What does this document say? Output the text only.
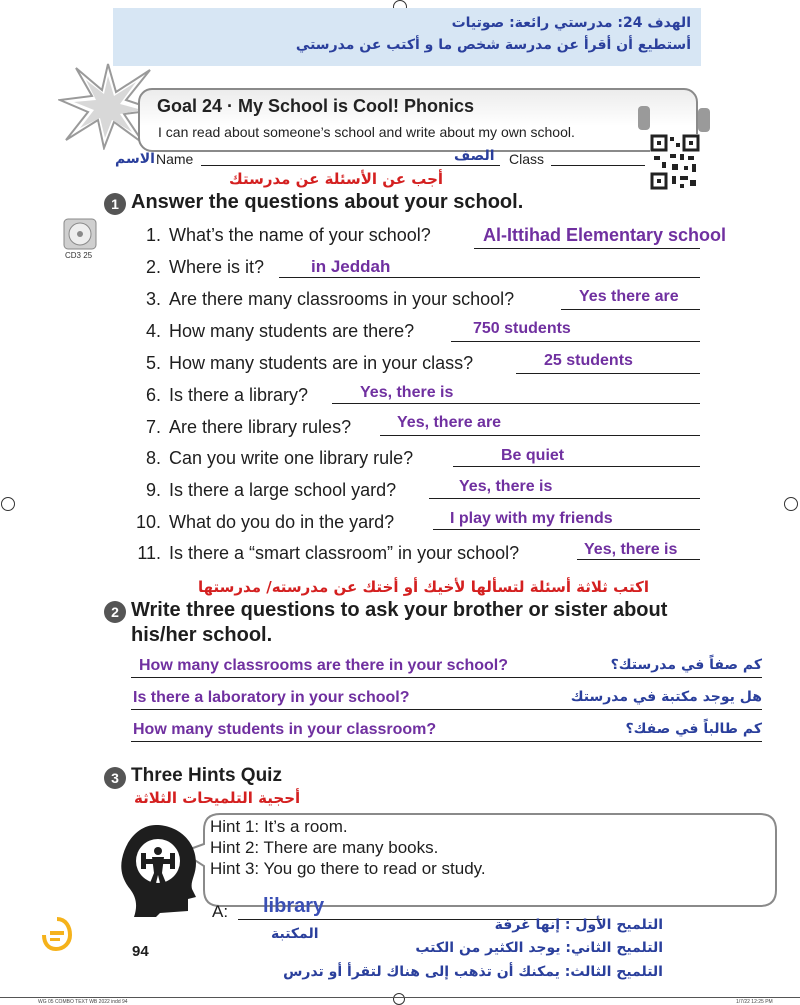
الهدف 24: مدرستي رائعة: صوتيات
أستطيع أن أقرأ عن مدرسة شخص ما و أكتب عن مدرستي
Goal 24 · My School is Cool! Phonics
I can read about someone’s school and write about my own school.
الاسم Name	الصف Class
أجب عن الأسئلة عن مدرستك
1 Answer the questions about your school.
CD3 25
1. What’s the name of your school?	Al-Ittihad Elementary school
2. Where is it?	in Jeddah
3. Are there many classrooms in your school?	Yes there are
4. How many students are there?	750 students
5. How many students are in your class?	25 students
6. Is there a library?	Yes, there is
7. Are there library rules?	Yes, there are
8. Can you write one library rule?	Be quiet
9. Is there a large school yard?	Yes, there is
10. What do you do in the yard?	I play with my friends
11. Is there a “smart classroom” in your school?	Yes, there is
اكتب ثلاثة أسئلة لتسألها لأخيك أو أختك عن مدرسته/ مدرستها
2 Write three questions to ask your brother or sister about
his/her school.
How many classrooms are there in your school?	كم صفاً في مدرستك؟
Is there a laboratory in your school?	هل يوجد مكتبة في مدرستك
How many students in your classroom?	كم طالباً في صفك؟
3 Three Hints Quiz
أحجية التلميحات الثلاثة
Hint 1: It’s a room.
Hint 2: There are many books.
Hint 3: You go there to read or study.
A: library
المكتبة
التلميح الأول : إنها غرفة
التلميح الثاني: يوجد الكثير من الكتب
التلميح الثالث: يمكنك أن تذهب إلى هناك لتقرأ أو تدرس
94
WG 05 COMBO TEXT WB 2022 indd 94	1/7/22 12:25 PM
